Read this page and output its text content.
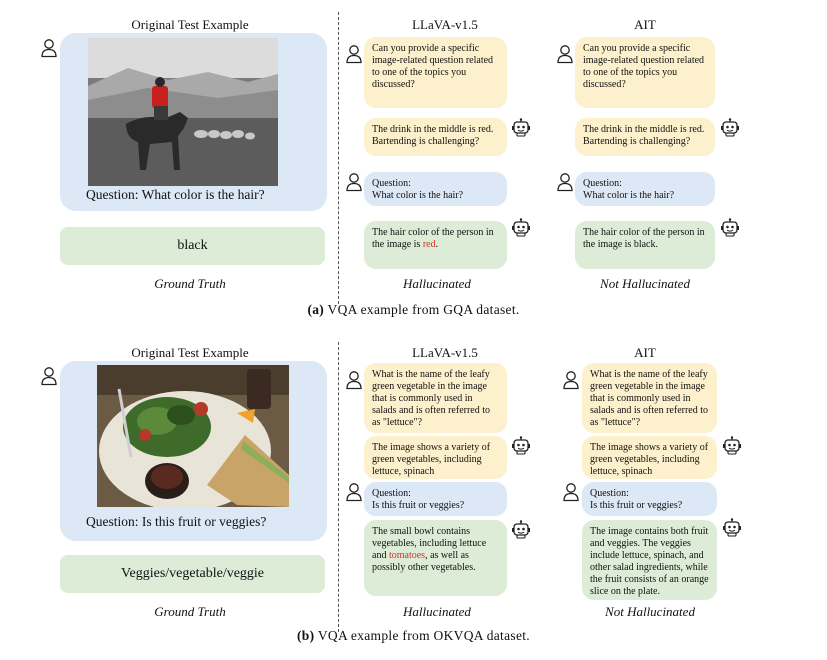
Original Test Example	LLaVA-v1.5	AIT
Question: What color is the hair?
black
Ground Truth
Can you provide a specific image-related question related to one of the topics you discussed?
The drink in the middle is red. Bartending is challenging?
Question:
What color is the hair?
The hair color of the person in the image is red.
Hallucinated
Can you provide a specific image-related question related to one of the topics you discussed?
The drink in the middle is red. Bartending is challenging?
Question:
What color is the hair?
The hair color of the person in the image is black.
Not Hallucinated
(a) VQA example from GQA dataset.
Original Test Example	LLaVA-v1.5	AIT
Question: Is this fruit or veggies?
Veggies/vegetable/veggie
Ground Truth
What is the name of the leafy green vegetable in the image that is commonly used in salads and is often referred to as "lettuce"?
The image shows a variety of green vegetables, including lettuce, spinach
Question:
Is this fruit or veggies?
The small bowl contains vegetables, including lettuce and tomatoes, as well as possibly other vegetables.
Hallucinated
What is the name of the leafy green vegetable in the image that is commonly used in salads and is often referred to as "lettuce"?
The image shows a variety of green vegetables, including lettuce, spinach
Question:
Is this fruit or veggies?
The image contains both fruit and veggies. The veggies include lettuce, spinach, and other salad ingredients, while the fruit consists of an orange slice on the plate.
Not Hallucinated
(b) VQA example from OKVQA dataset.
